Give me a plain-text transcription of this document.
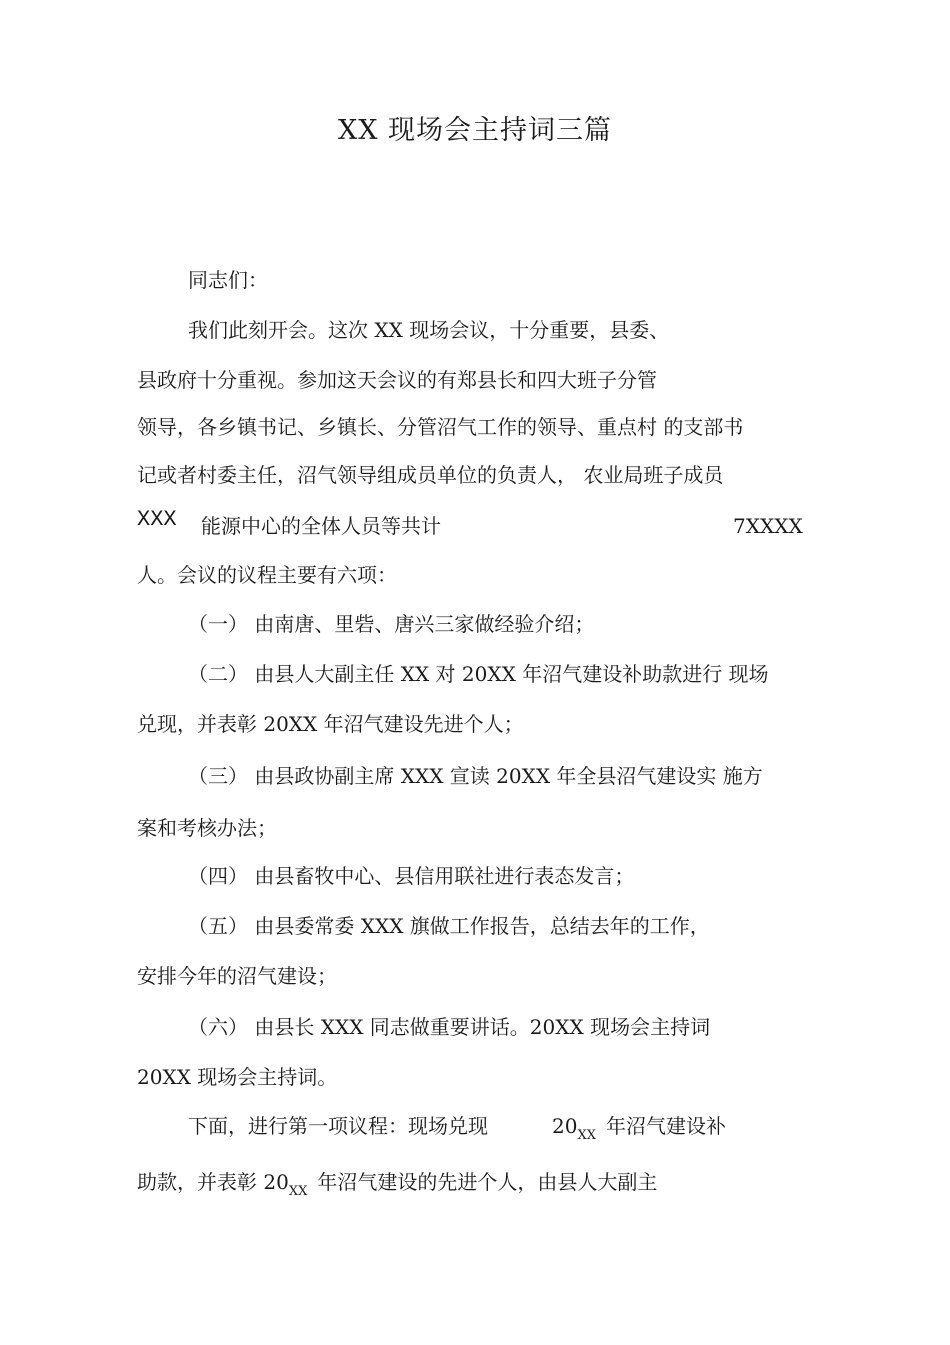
XX 现场会主持词三篇
同志们：
我们此刻开会。这次 XX 现场会议，十分重要，县委、
县政府十分重视。参加这天会议的有郑县长和四大班子分管
领导，各乡镇书记、乡镇长、分管沼气工作的领导、重点村 的支部书
记或者村委主任，沼气领导组成员单位的负责人， 农业局班子成员
XXX 能源中心的全体人员等共计	7XXXX
人。会议的议程主要有六项：
（一） 由南唐、里砦、唐兴三家做经验介绍；
（二） 由县人大副主任 XX 对 20XX 年沼气建设补助款进行 现场
兑现，并表彰 20XX 年沼气建设先进个人；
（三） 由县政协副主席 XXX 宣读 20XX 年全县沼气建设实 施方
案和考核办法；
（四） 由县畜牧中心、县信用联社进行表态发言；
（五） 由县委常委 XXX 旗做工作报告，总结去年的工作，
安排今年的沼气建设；
（六） 由县长 XXX 同志做重要讲话。20XX 现场会主持词
20XX 现场会主持词。
下面，进行第一项议程：现场兑现	$20_{XX}$ 年沼气建设补
助款，并表彰 $20_{XX}$ 年沼气建设的先进个人，由县人大副主
